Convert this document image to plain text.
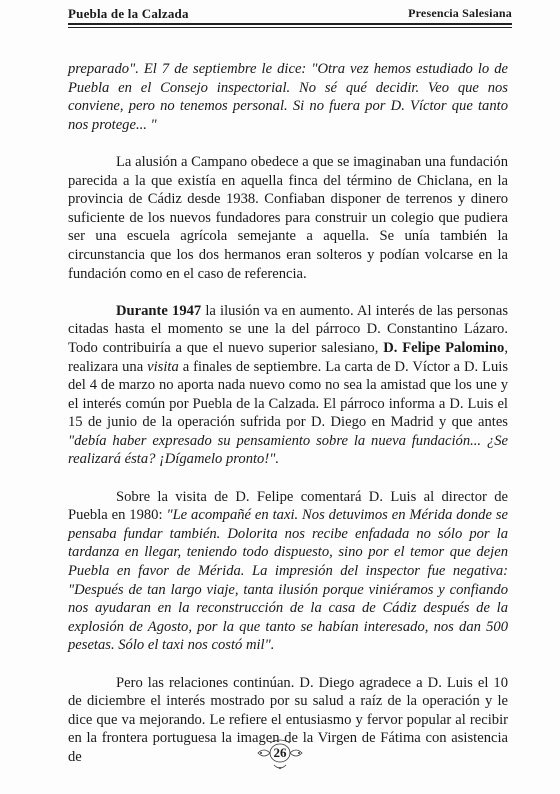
Puebla de la Calzada	Presencia Salesiana

preparado". El 7 de septiembre le dice: "Otra vez hemos estudiado lo de Puebla en el Consejo inspectorial. No sé qué decidir. Veo que nos conviene, pero no tenemos personal. Si no fuera por D. Víctor que tanto nos protege... "

La alusión a Campano obedece a que se imaginaban una fundación parecida a la que existía en aquella finca del término de Chiclana, en la provincia de Cádiz desde 1938. Confiaban disponer de terrenos y dinero suficiente de los nuevos fundadores para construir un colegio que pudiera ser una escuela agrícola semejante a aquella. Se unía también la circunstancia que los dos hermanos eran solteros y podían volcarse en la fundación como en el caso de referencia.

Durante 1947 la ilusión va en aumento. Al interés de las personas citadas hasta el momento se une la del párroco D. Constantino Lázaro. Todo contribuiría a que el nuevo superior salesiano, D. Felipe Palomino, realizara una visita a finales de septiembre. La carta de D. Víctor a D. Luis del 4 de marzo no aporta nada nuevo como no sea la amistad que los une y el interés común por Puebla de la Calzada. El párroco informa a D. Luis el 15 de junio de la operación sufrida por D. Diego en Madrid y que antes "debía haber expresado su pensamiento sobre la nueva fundación... ¿Se realizará ésta? ¡Dígamelo pronto!".

Sobre la visita de D. Felipe comentará D. Luis al director de Puebla en 1980: "Le acompañé en taxi. Nos detuvimos en Mérida donde se pensaba fundar también. Dolorita nos recibe enfadada no sólo por la tardanza en llegar, teniendo todo dispuesto, sino por el temor que dejen Puebla en favor de Mérida. La impresión del inspector fue negativa: "Después de tan largo viaje, tanta ilusión porque viniéramos y confiando nos ayudaran en la reconstrucción de la casa de Cádiz después de la explosión de Agosto, por la que tanto se habían interesado, nos dan 500 pesetas. Sólo el taxi nos costó mil".

Pero las relaciones continúan. D. Diego agradece a D. Luis el 10 de diciembre el interés mostrado por su salud a raíz de la operación y le dice que va mejorando. Le refiere el entusiasmo y fervor popular al recibir en la frontera portuguesa la imagen de la Virgen de Fátima con asistencia de	26
